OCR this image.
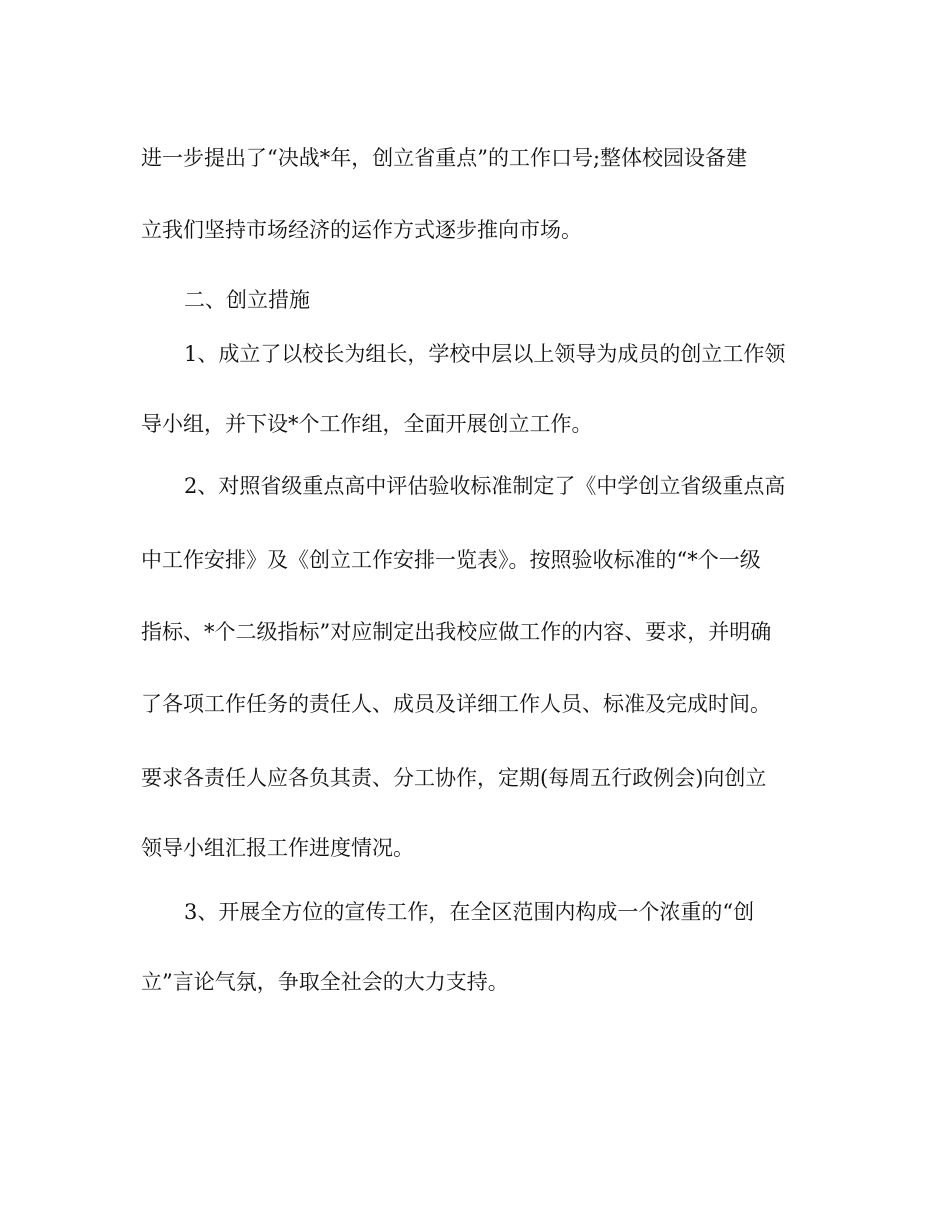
进一步提出了“决战*年，创立省重点”的工作口号;整体校园设备建
立我们坚持市场经济的运作方式逐步推向市场。
二、创立措施
1、成立了以校长为组长，学校中层以上领导为成员的创立工作领
导小组，并下设*个工作组，全面开展创立工作。
2、对照省级重点高中评估验收标准制定了《中学创立省级重点高
中工作安排》及《创立工作安排一览表》。按照验收标准的“*个一级
指标、*个二级指标”对应制定出我校应做工作的内容、要求，并明确
了各项工作任务的责任人、成员及详细工作人员、标准及完成时间。
要求各责任人应各负其责、分工协作，定期(每周五行政例会)向创立
领导小组汇报工作进度情况。
3、开展全方位的宣传工作，在全区范围内构成一个浓重的“创
立”言论气氛，争取全社会的大力支持。
